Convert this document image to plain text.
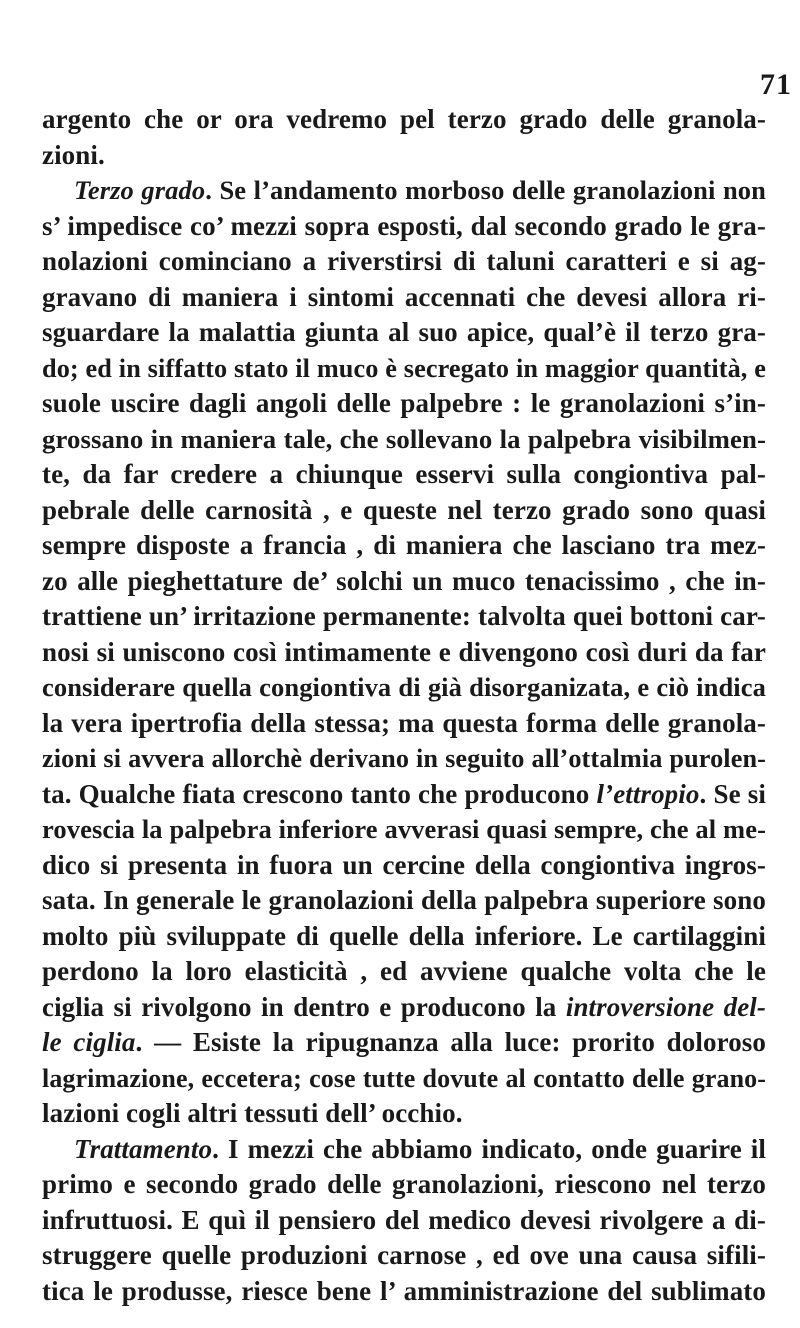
71
argento che or ora vedremo pel terzo grado delle granola-
zioni.
Terzo grado. Se l’andamento morboso delle granolazioni non
s’ impedisce co’ mezzi sopra esposti, dal secondo grado le gra-
nolazioni cominciano a riverstirsi di taluni caratteri e si ag-
gravano di maniera i sintomi accennati che devesi allora ri-
sguardare la malattia giunta al suo apice, qual’è il terzo gra-
do; ed in siffatto stato il muco è secregato in maggior quantità, e
suole uscire dagli angoli delle palpebre : le granolazioni s’in-
grossano in maniera tale, che sollevano la palpebra visibilmen-
te, da far credere a chiunque esservi sulla congiontiva pal-
pebrale delle carnosità , e queste nel terzo grado sono quasi
sempre disposte a francia , di maniera che lasciano tra mez-
zo alle pieghettature de’ solchi un muco tenacissimo , che in-
trattiene un’ irritazione permanente: talvolta quei bottoni car-
nosi si uniscono così intimamente e divengono così duri da far
considerare quella congiontiva di già disorganizata, e ciò indica
la vera ipertrofia della stessa; ma questa forma delle granola-
zioni si avvera allorchè derivano in seguito all’ottalmia purolen-
ta. Qualche fiata crescono tanto che producono l’ettropio. Se si
rovescia la palpebra inferiore avverasi quasi sempre, che al me-
dico si presenta in fuora un cercine della congiontiva ingros-
sata. In generale le granolazioni della palpebra superiore sono
molto più sviluppate di quelle della inferiore. Le cartilaggini
perdono la loro elasticità , ed avviene qualche volta che le
ciglia si rivolgono in dentro e producono la introversione del-
le ciglia. — Esiste la ripugnanza alla luce: prorito doloroso
lagrimazione, eccetera; cose tutte dovute al contatto delle grano-
lazioni cogli altri tessuti dell’ occhio.
Trattamento. I mezzi che abbiamo indicato, onde guarire il
primo e secondo grado delle granolazioni, riescono nel terzo
infruttuosi. E quì il pensiero del medico devesi rivolgere a di-
struggere quelle produzioni carnose , ed ove una causa sifili-
tica le produsse, riesce bene l’ amministrazione del sublimato
